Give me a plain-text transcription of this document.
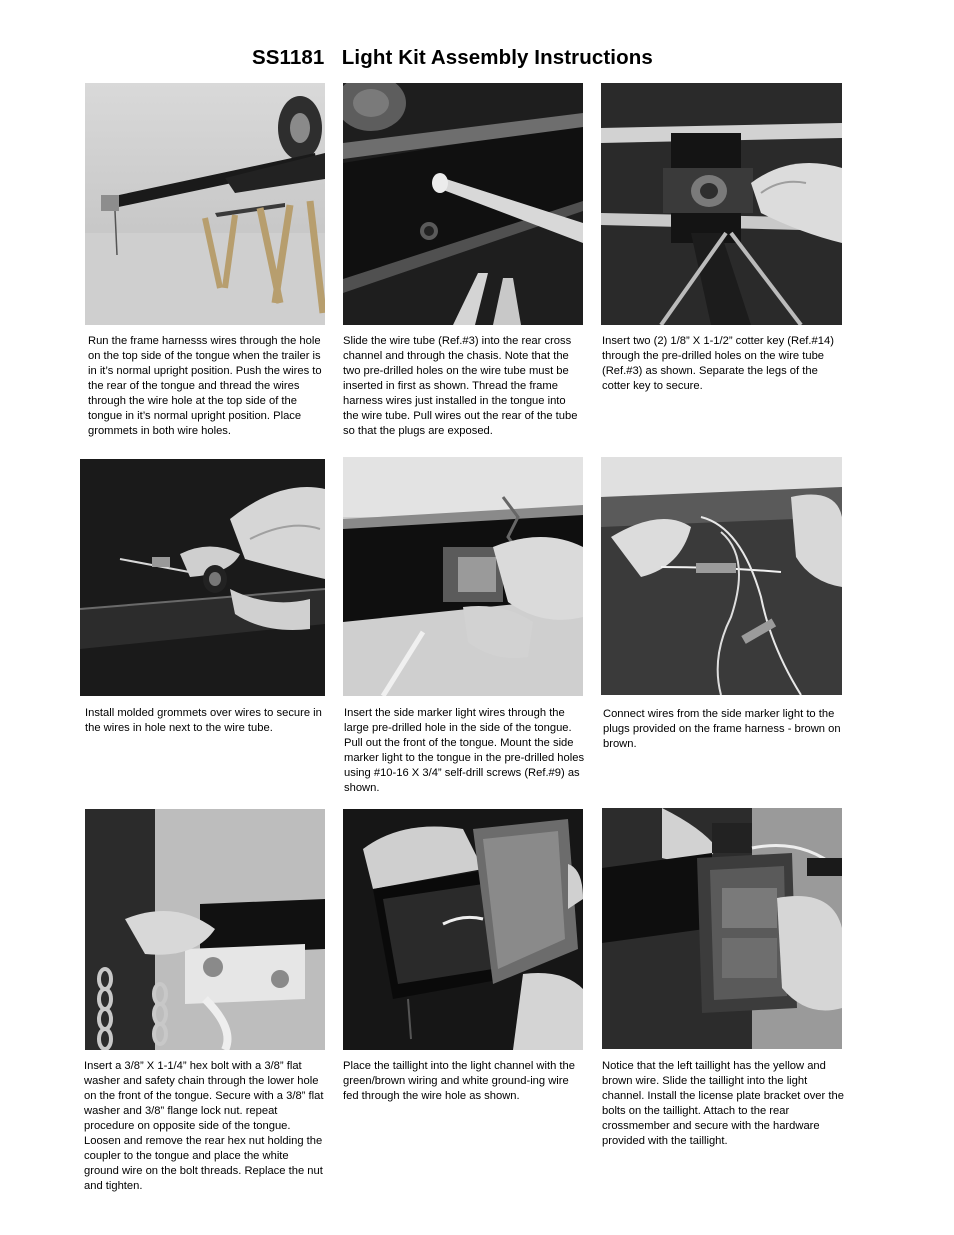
SS1181   Light Kit Assembly Instructions
Run the frame harnesss wires through the hole on the top side of the tongue when the trailer is in it’s normal upright position. Push the wires to the rear of the tongue and thread the wires through the wire hole at the top side of the tongue in it’s normal upright position. Place grommets in both wire holes.
Slide the wire tube (Ref.#3) into the rear cross channel and through the chasis. Note that the two pre-drilled holes on the wire tube must be inserted in first as shown. Thread the frame harness wires just installed in the tongue into the wire tube. Pull wires out the rear of the tube so that the plugs are exposed.
Insert two (2) 1/8” X 1-1/2” cotter key (Ref.#14) through the pre-drilled holes on the wire tube (Ref.#3) as shown. Separate the legs of the cotter key to secure.
Install molded grommets over wires to secure in the wires in hole next to the wire tube.
Insert the side marker light wires through the large pre-drilled hole in the side of the tongue. Pull out the front of the tongue. Mount the side marker light to the tongue in the pre-drilled holes using #10-16 X 3/4” self-drill screws (Ref.#9) as shown.
Connect wires from the side marker light to the plugs provided on the frame harness - brown on brown.
Insert a 3/8” X 1-1/4” hex bolt with a 3/8” flat washer and safety chain through the lower hole on the front of the tongue. Secure with a 3/8” flat washer and 3/8” flange lock nut. repeat procedure on opposite side of the tongue. Loosen and remove the rear hex nut holding the coupler to the tongue and place the white ground wire on the bolt threads. Replace the nut and tighten.
Place the taillight into the light channel with the green/brown wiring and white ground-ing wire fed through the wire hole as shown.
Notice that the left taillight has the yellow and brown wire. Slide the taillight into the light channel. Install the license plate bracket over the bolts on the taillight. Attach to the rear crossmember and secure with the hardware provided with the taillight.
